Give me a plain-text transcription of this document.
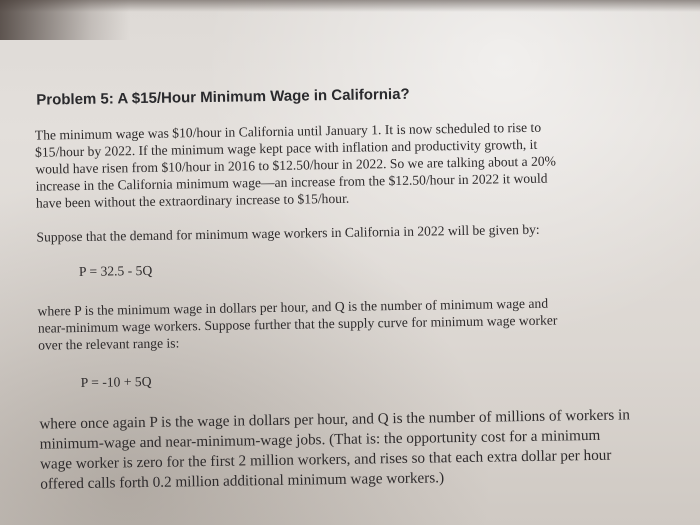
Problem 5: A $15/Hour Minimum Wage in California?
The minimum wage was $10/hour in California until January 1. It is now scheduled to rise to
$15/hour by 2022. If the minimum wage kept pace with inflation and productivity growth, it
would have risen from $10/hour in 2016 to $12.50/hour in 2022. So we are talking about a 20%
increase in the California minimum wage—an increase from the $12.50/hour in 2022 it would
have been without the extraordinary increase to $15/hour.
Suppose that the demand for minimum wage workers in California in 2022 will be given by:
P = 32.5 - 5Q
where P is the minimum wage in dollars per hour, and Q is the number of minimum wage and
near-minimum wage workers. Suppose further that the supply curve for minimum wage worker
over the relevant range is:
P = -10 + 5Q
where once again P is the wage in dollars per hour, and Q is the number of millions of workers in
minimum-wage and near-minimum-wage jobs. (That is: the opportunity cost for a minimum
wage worker is zero for the first 2 million workers, and rises so that each extra dollar per hour
offered calls forth 0.2 million additional minimum wage workers.)
